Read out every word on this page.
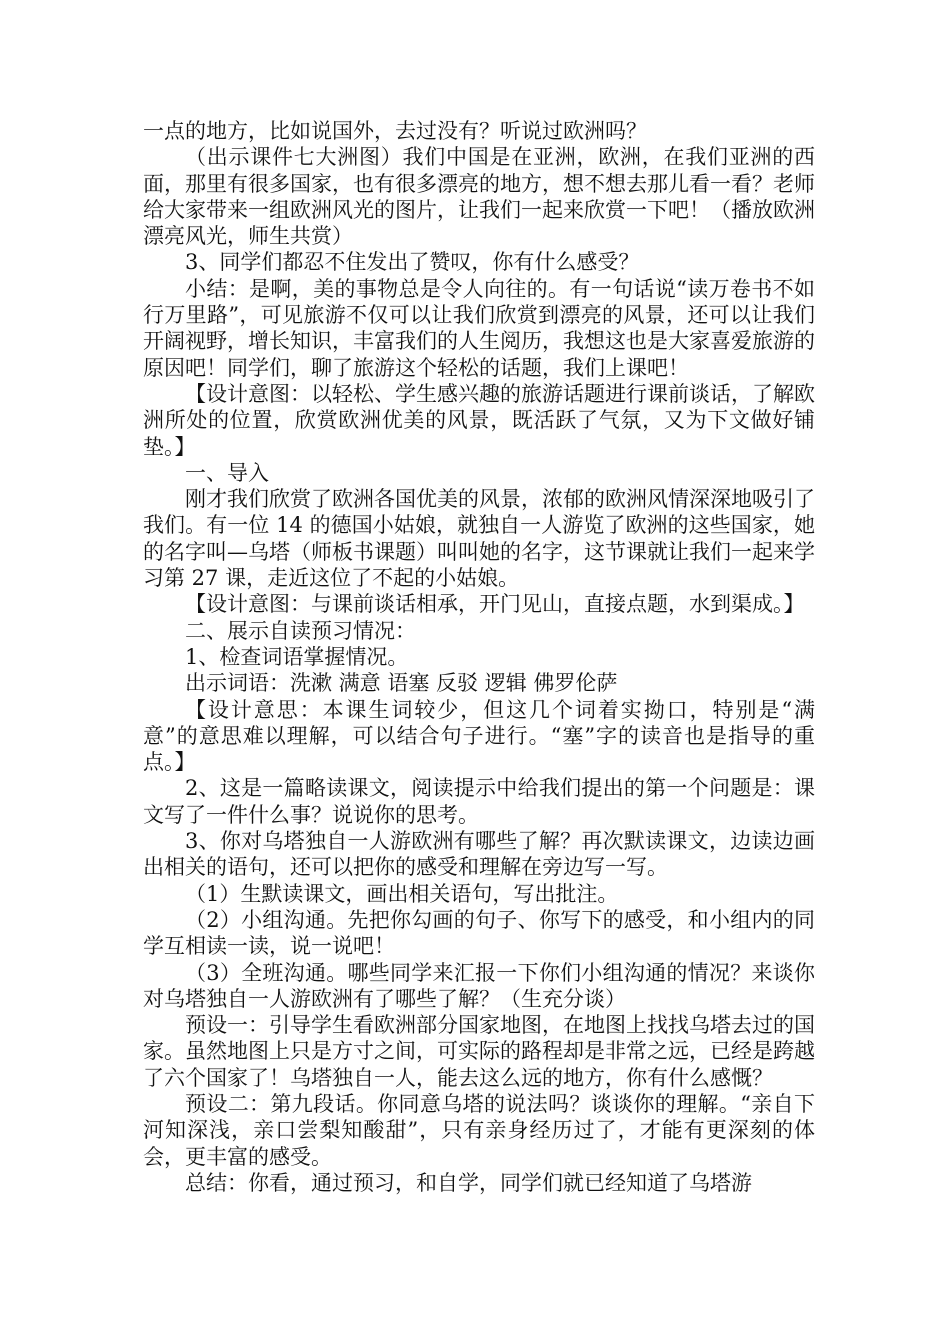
一点的地方，比如说国外，去过没有？听说过欧洲吗？

（出示课件七大洲图）我们中国是在亚洲，欧洲，在我们亚洲的西面，那里有很多国家，也有很多漂亮的地方，想不想去那儿看一看？老师给大家带来一组欧洲风光的图片，让我们一起来欣赏一下吧！（播放欧洲漂亮风光，师生共赏）

3、同学们都忍不住发出了赞叹，你有什么感受？

小结：是啊，美的事物总是令人向往的。有一句话说“读万卷书不如行万里路”，可见旅游不仅可以让我们欣赏到漂亮的风景，还可以让我们开阔视野，增长知识，丰富我们的人生阅历，我想这也是大家喜爱旅游的原因吧！同学们，聊了旅游这个轻松的话题，我们上课吧！

【设计意图：以轻松、学生感兴趣的旅游话题进行课前谈话，了解欧洲所处的位置，欣赏欧洲优美的风景，既活跃了气氛，又为下文做好铺垫。】

一、导入

刚才我们欣赏了欧洲各国优美的风景，浓郁的欧洲风情深深地吸引了我们。有一位 14 的德国小姑娘，就独自一人游览了欧洲的这些国家，她的名字叫—乌塔（师板书课题）叫叫她的名字，这节课就让我们一起来学习第 27 课，走近这位了不起的小姑娘。

【设计意图：与课前谈话相承，开门见山，直接点题，水到渠成。】

二、展示自读预习情况：

1、检查词语掌握情况。

出示词语：洗漱 满意 语塞 反驳 逻辑 佛罗伦萨

【设计意思：本课生词较少，但这几个词着实拗口，特别是“满意”的意思难以理解，可以结合句子进行。“塞”字的读音也是指导的重点。】

2、这是一篇略读课文，阅读提示中给我们提出的第一个问题是：课文写了一件什么事？说说你的思考。

3、你对乌塔独自一人游欧洲有哪些了解？再次默读课文，边读边画出相关的语句，还可以把你的感受和理解在旁边写一写。

（1）生默读课文，画出相关语句，写出批注。

（2）小组沟通。先把你勾画的句子、你写下的感受，和小组内的同学互相读一读，说一说吧！

（3）全班沟通。哪些同学来汇报一下你们小组沟通的情况？来谈你对乌塔独自一人游欧洲有了哪些了解？（生充分谈）

预设一：引导学生看欧洲部分国家地图，在地图上找找乌塔去过的国家。虽然地图上只是方寸之间，可实际的路程却是非常之远，已经是跨越了六个国家了！乌塔独自一人，能去这么远的地方，你有什么感慨？

预设二：第九段话。你同意乌塔的说法吗？谈谈你的理解。“亲自下河知深浅，亲口尝梨知酸甜”，只有亲身经历过了，才能有更深刻的体会，更丰富的感受。

总结：你看，通过预习，和自学，同学们就已经知道了乌塔游
